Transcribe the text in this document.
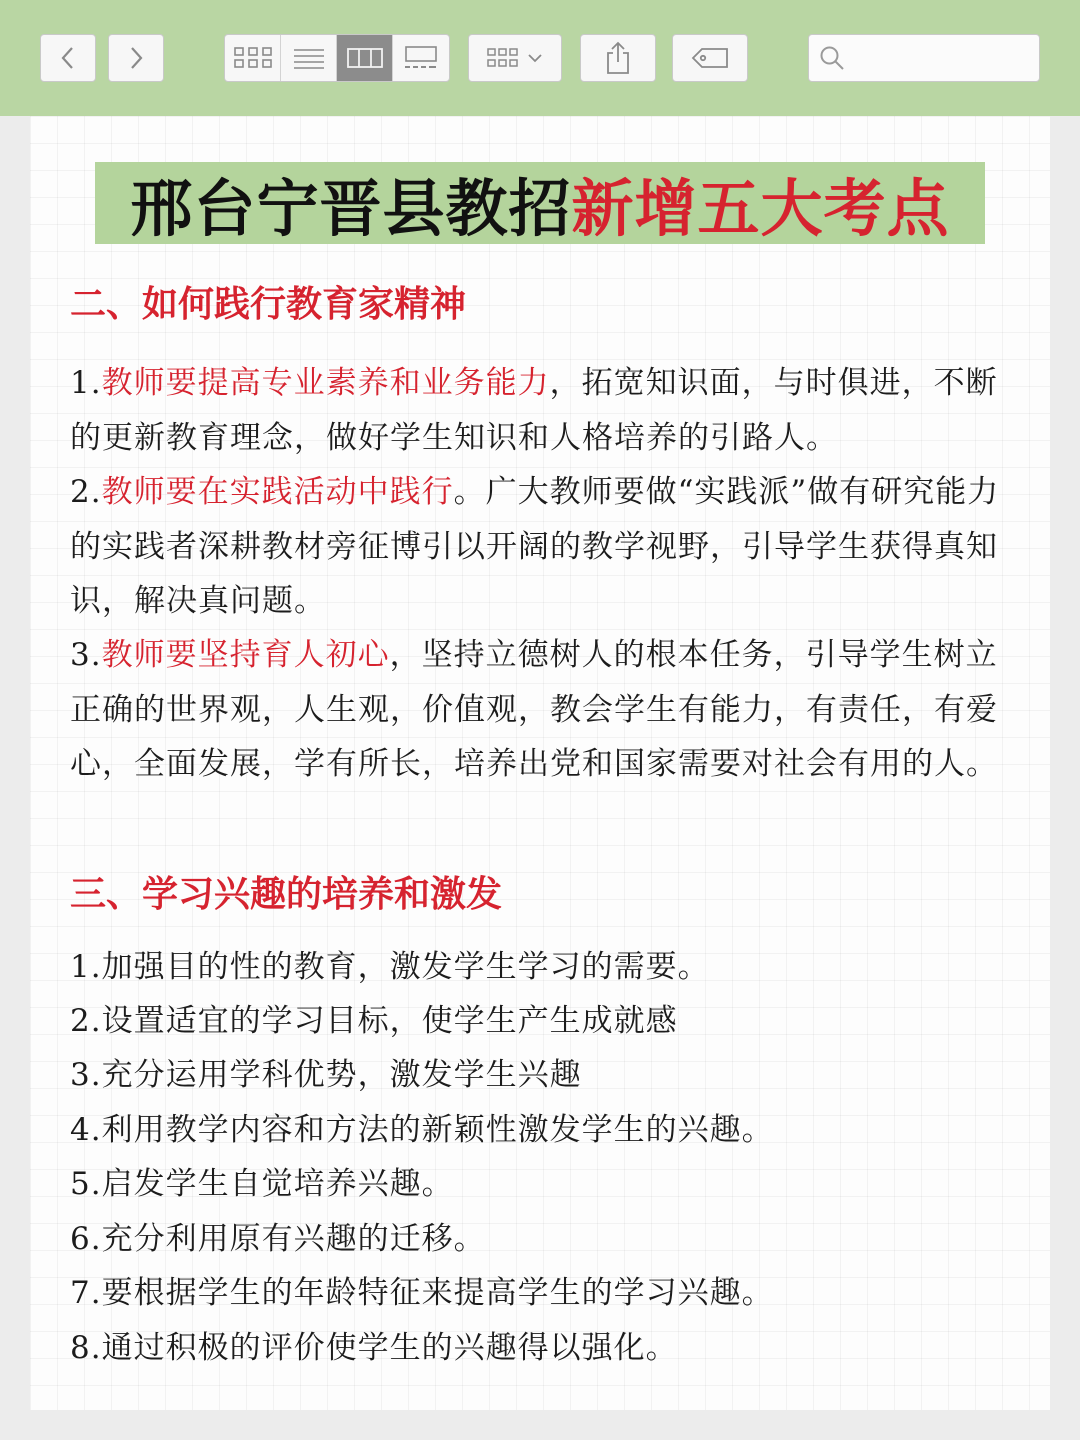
邢台宁晋县教招 新增五大考点
二、如何践行教育家精神
1.教师要提高专业素养和业务能力，拓宽知识面，与时俱进，不断的更新教育理念，做好学生知识和人格培养的引路人。
2.教师要在实践活动中践行。广大教师要做“实践派”做有研究能力的实践者深耕教材旁征博引以开阔的教学视野，引导学生获得真知识，解决真问题。
3.教师要坚持育人初心，坚持立德树人的根本任务，引导学生树立正确的世界观，人生观，价值观，教会学生有能力，有责任，有爱心，全面发展，学有所长，培养出党和国家需要对社会有用的人。
三、学习兴趣的培养和激发
1.加强目的性的教育，激发学生学习的需要。
2.设置适宜的学习目标，使学生产生成就感
3.充分运用学科优势，激发学生兴趣
4.利用教学内容和方法的新颖性激发学生的兴趣。
5.启发学生自觉培养兴趣。
6.充分利用原有兴趣的迁移。
7.要根据学生的年龄特征来提高学生的学习兴趣。
8.通过积极的评价使学生的兴趣得以强化。
